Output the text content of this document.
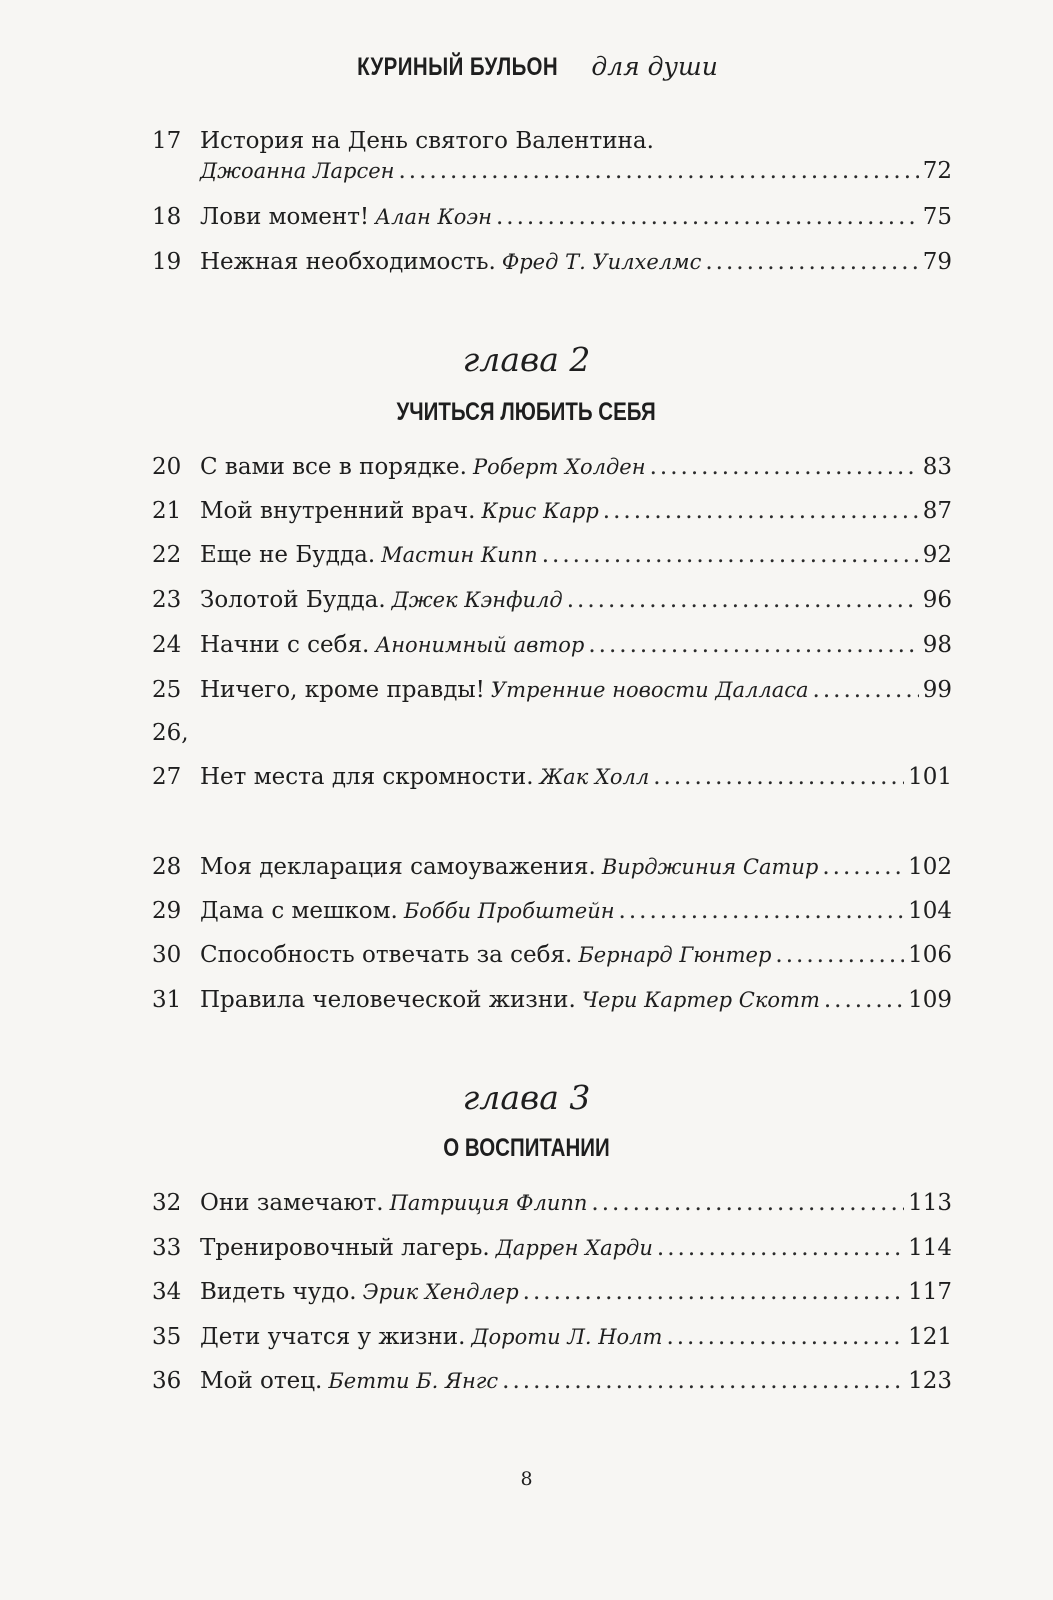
КУРИНЫЙ БУЛЬОН для души
17 История на День святого Валентина.
Джоанна Ларсен .....	72
18 Лови момент! Алан Коэн .....	75
19 Нежная необходимость. Фред Т. Уилхелмс .....	79
глава 2
УЧИТЬСЯ ЛЮБИТЬ СЕБЯ
20 С вами все в порядке. Роберт Холден .....	83
21 Мой внутренний врач. Крис Карр .....	87
22 Еще не Будда. Мастин Кипп .....	92
23 Золотой Будда. Джек Кэнфилд .....	96
24 Начни с себя. Анонимный автор .....	98
25 Ничего, кроме правды! Утренние новости Далласа .....	99
26 ,
27 Нет места для скромности. Жак Холл .....	101
28 Моя декларация самоуважения. Вирджиния Сатир .....	102
29 Дама с мешком. Бобби Пробштейн .....	104
30 Способность отвечать за себя. Бернард Гюнтер .....	106
31 Правила человеческой жизни. Чери Картер Скотт .....	109
глава 3
О ВОСПИТАНИИ
32 Они замечают. Патриция Флипп .....	113
33 Тренировочный лагерь. Даррен Харди .....	114
34 Видеть чудо. Эрик Хендлер .....	117
35 Дети учатся у жизни. Дороти Л. Нолт .....	121
36 Мой отец. Бетти Б. Янгс .....	123
8
